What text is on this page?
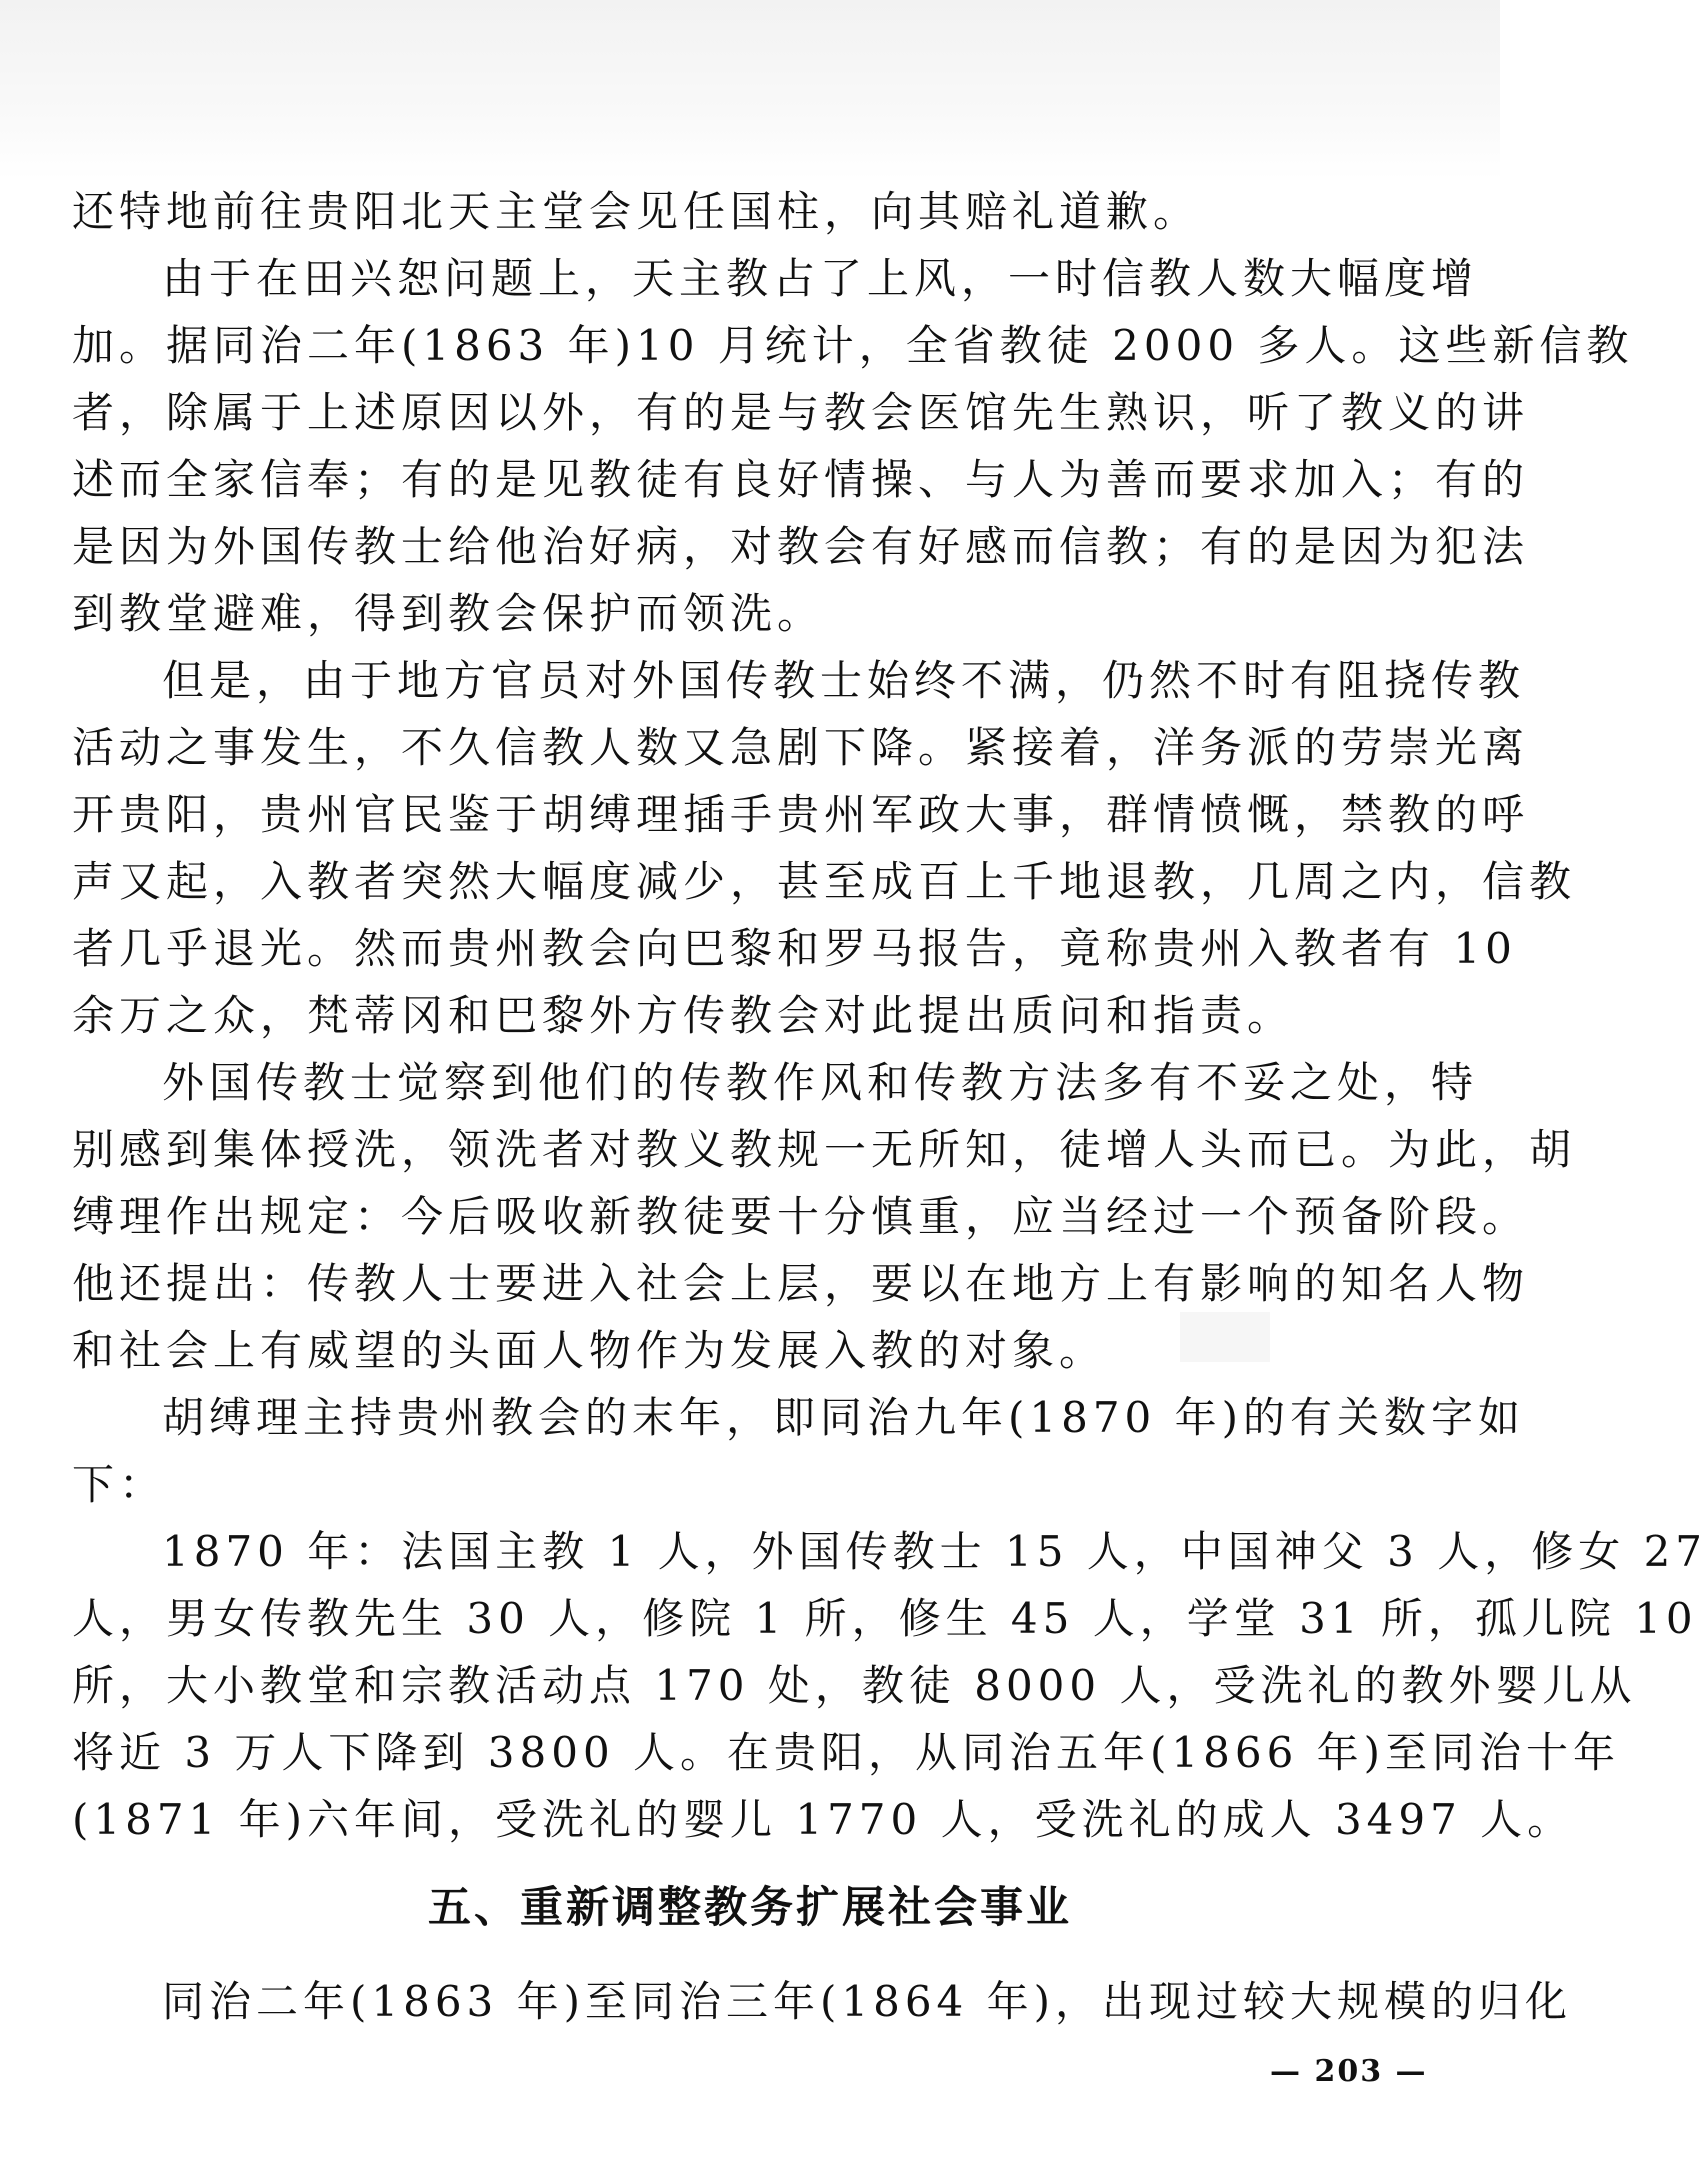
还特地前往贵阳北天主堂会见任国柱，向其赔礼道歉。
由于在田兴恕问题上，天主教占了上风，一时信教人数大幅度增
加。据同治二年(1863 年)10 月统计，全省教徒 2000 多人。这些新信教
者，除属于上述原因以外，有的是与教会医馆先生熟识，听了教义的讲
述而全家信奉；有的是见教徒有良好情操、与人为善而要求加入；有的
是因为外国传教士给他治好病，对教会有好感而信教；有的是因为犯法
到教堂避难，得到教会保护而领洗。
但是，由于地方官员对外国传教士始终不满，仍然不时有阻挠传教
活动之事发生，不久信教人数又急剧下降。紧接着，洋务派的劳崇光离
开贵阳，贵州官民鉴于胡缚理插手贵州军政大事，群情愤慨，禁教的呼
声又起，入教者突然大幅度减少，甚至成百上千地退教，几周之内，信教
者几乎退光。然而贵州教会向巴黎和罗马报告，竟称贵州入教者有 10
余万之众，梵蒂冈和巴黎外方传教会对此提出质问和指责。
外国传教士觉察到他们的传教作风和传教方法多有不妥之处，特
别感到集体授洗，领洗者对教义教规一无所知，徒增人头而已。为此，胡
缚理作出规定：今后吸收新教徒要十分慎重，应当经过一个预备阶段。
他还提出：传教人士要进入社会上层，要以在地方上有影响的知名人物
和社会上有威望的头面人物作为发展入教的对象。
胡缚理主持贵州教会的末年，即同治九年(1870 年)的有关数字如
下：
1870 年：法国主教 1 人，外国传教士 15 人，中国神父 3 人，修女 27
人，男女传教先生 30 人，修院 1 所，修生 45 人，学堂 31 所，孤儿院 10
所，大小教堂和宗教活动点 170 处，教徒 8000 人，受洗礼的教外婴儿从
将近 3 万人下降到 3800 人。在贵阳，从同治五年(1866 年)至同治十年
(1871 年)六年间，受洗礼的婴儿 1770 人，受洗礼的成人 3497 人。
五、重新调整教务扩展社会事业
同治二年(1863 年)至同治三年(1864 年)，出现过较大规模的归化
— 203 —
